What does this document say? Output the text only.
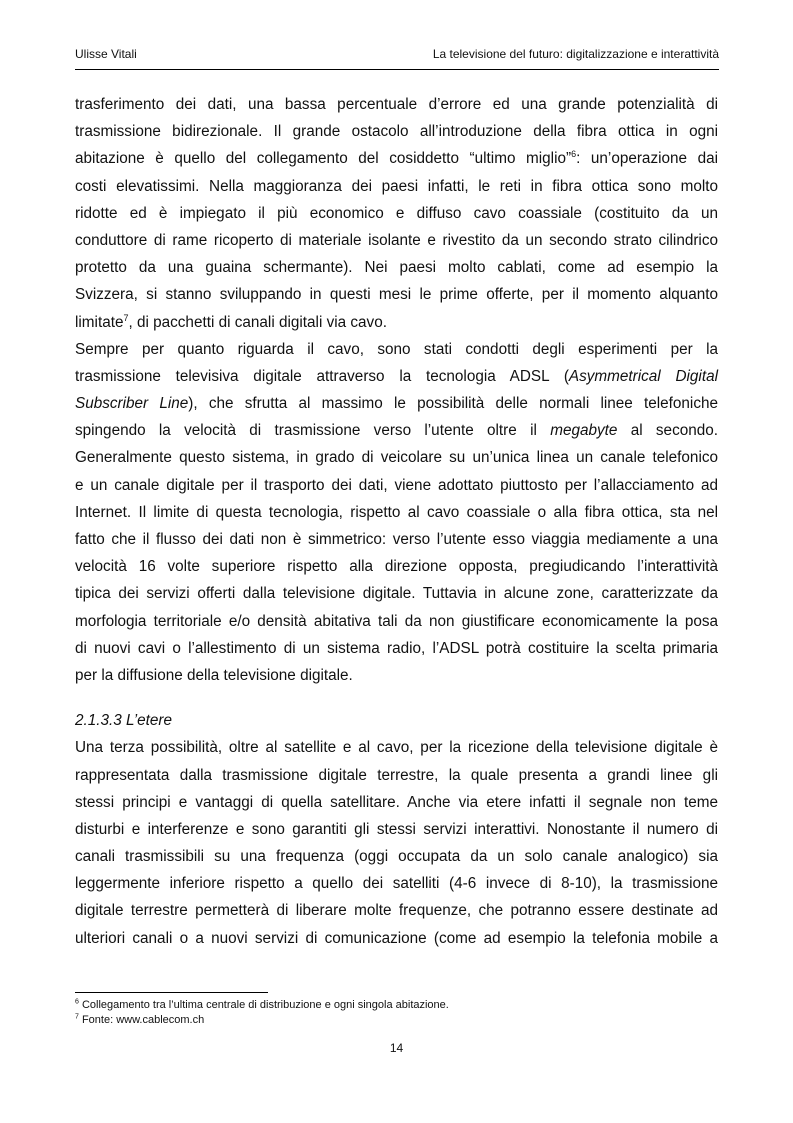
Ulisse Vitali	La televisione del futuro: digitalizzazione e interattività
trasferimento dei dati, una bassa percentuale d’errore ed una grande potenzialità di
trasmissione bidirezionale. Il grande ostacolo all’introduzione della fibra ottica in ogni
abitazione è quello del collegamento del cosiddetto “ultimo miglio”$^6$: un’operazione dai
costi elevatissimi. Nella maggioranza dei paesi infatti, le reti in fibra ottica sono molto
ridotte ed è impiegato il più economico e diffuso cavo coassiale (costituito da un
conduttore di rame ricoperto di materiale isolante e rivestito da un secondo strato cilindrico
protetto da una guaina schermante). Nei paesi molto cablati, come ad esempio la
Svizzera, si stanno sviluppando in questi mesi le prime offerte, per il momento alquanto
limitate$^7$, di pacchetti di canali digitali via cavo.
Sempre per quanto riguarda il cavo, sono stati condotti degli esperimenti per la
trasmissione televisiva digitale attraverso la tecnologia ADSL (Asymmetrical Digital
Subscriber Line), che sfrutta al massimo le possibilità delle normali linee telefoniche
spingendo la velocità di trasmissione verso l’utente oltre il megabyte al secondo.
Generalmente questo sistema, in grado di veicolare su un’unica linea un canale telefonico
e un canale digitale per il trasporto dei dati, viene adottato piuttosto per l’allacciamento ad
Internet. Il limite di questa tecnologia, rispetto al cavo coassiale o alla fibra ottica, sta nel
fatto che il flusso dei dati non è simmetrico: verso l’utente esso viaggia mediamente a una
velocità 16 volte superiore rispetto alla direzione opposta, pregiudicando l’interattività
tipica dei servizi offerti dalla televisione digitale. Tuttavia in alcune zone, caratterizzate da
morfologia territoriale e/o densità abitativa tali da non giustificare economicamente la posa
di nuovi cavi o l’allestimento di un sistema radio, l’ADSL potrà costituire la scelta primaria
per la diffusione della televisione digitale.
2.1.3.3 L’etere
Una terza possibilità, oltre al satellite e al cavo, per la ricezione della televisione digitale è
rappresentata dalla trasmissione digitale terrestre, la quale presenta a grandi linee gli
stessi principi e vantaggi di quella satellitare. Anche via etere infatti il segnale non teme
disturbi e interferenze e sono garantiti gli stessi servizi interattivi. Nonostante il numero di
canali trasmissibili su una frequenza (oggi occupata da un solo canale analogico) sia
leggermente inferiore rispetto a quello dei satelliti (4-6 invece di 8-10), la trasmissione
digitale terrestre permetterà di liberare molte frequenze, che potranno essere destinate ad
ulteriori canali o a nuovi servizi di comunicazione (come ad esempio la telefonia mobile a
$^6$ Collegamento tra l’ultima centrale di distribuzione e ogni singola abitazione.
$^7$ Fonte: www.cablecom.ch
14
